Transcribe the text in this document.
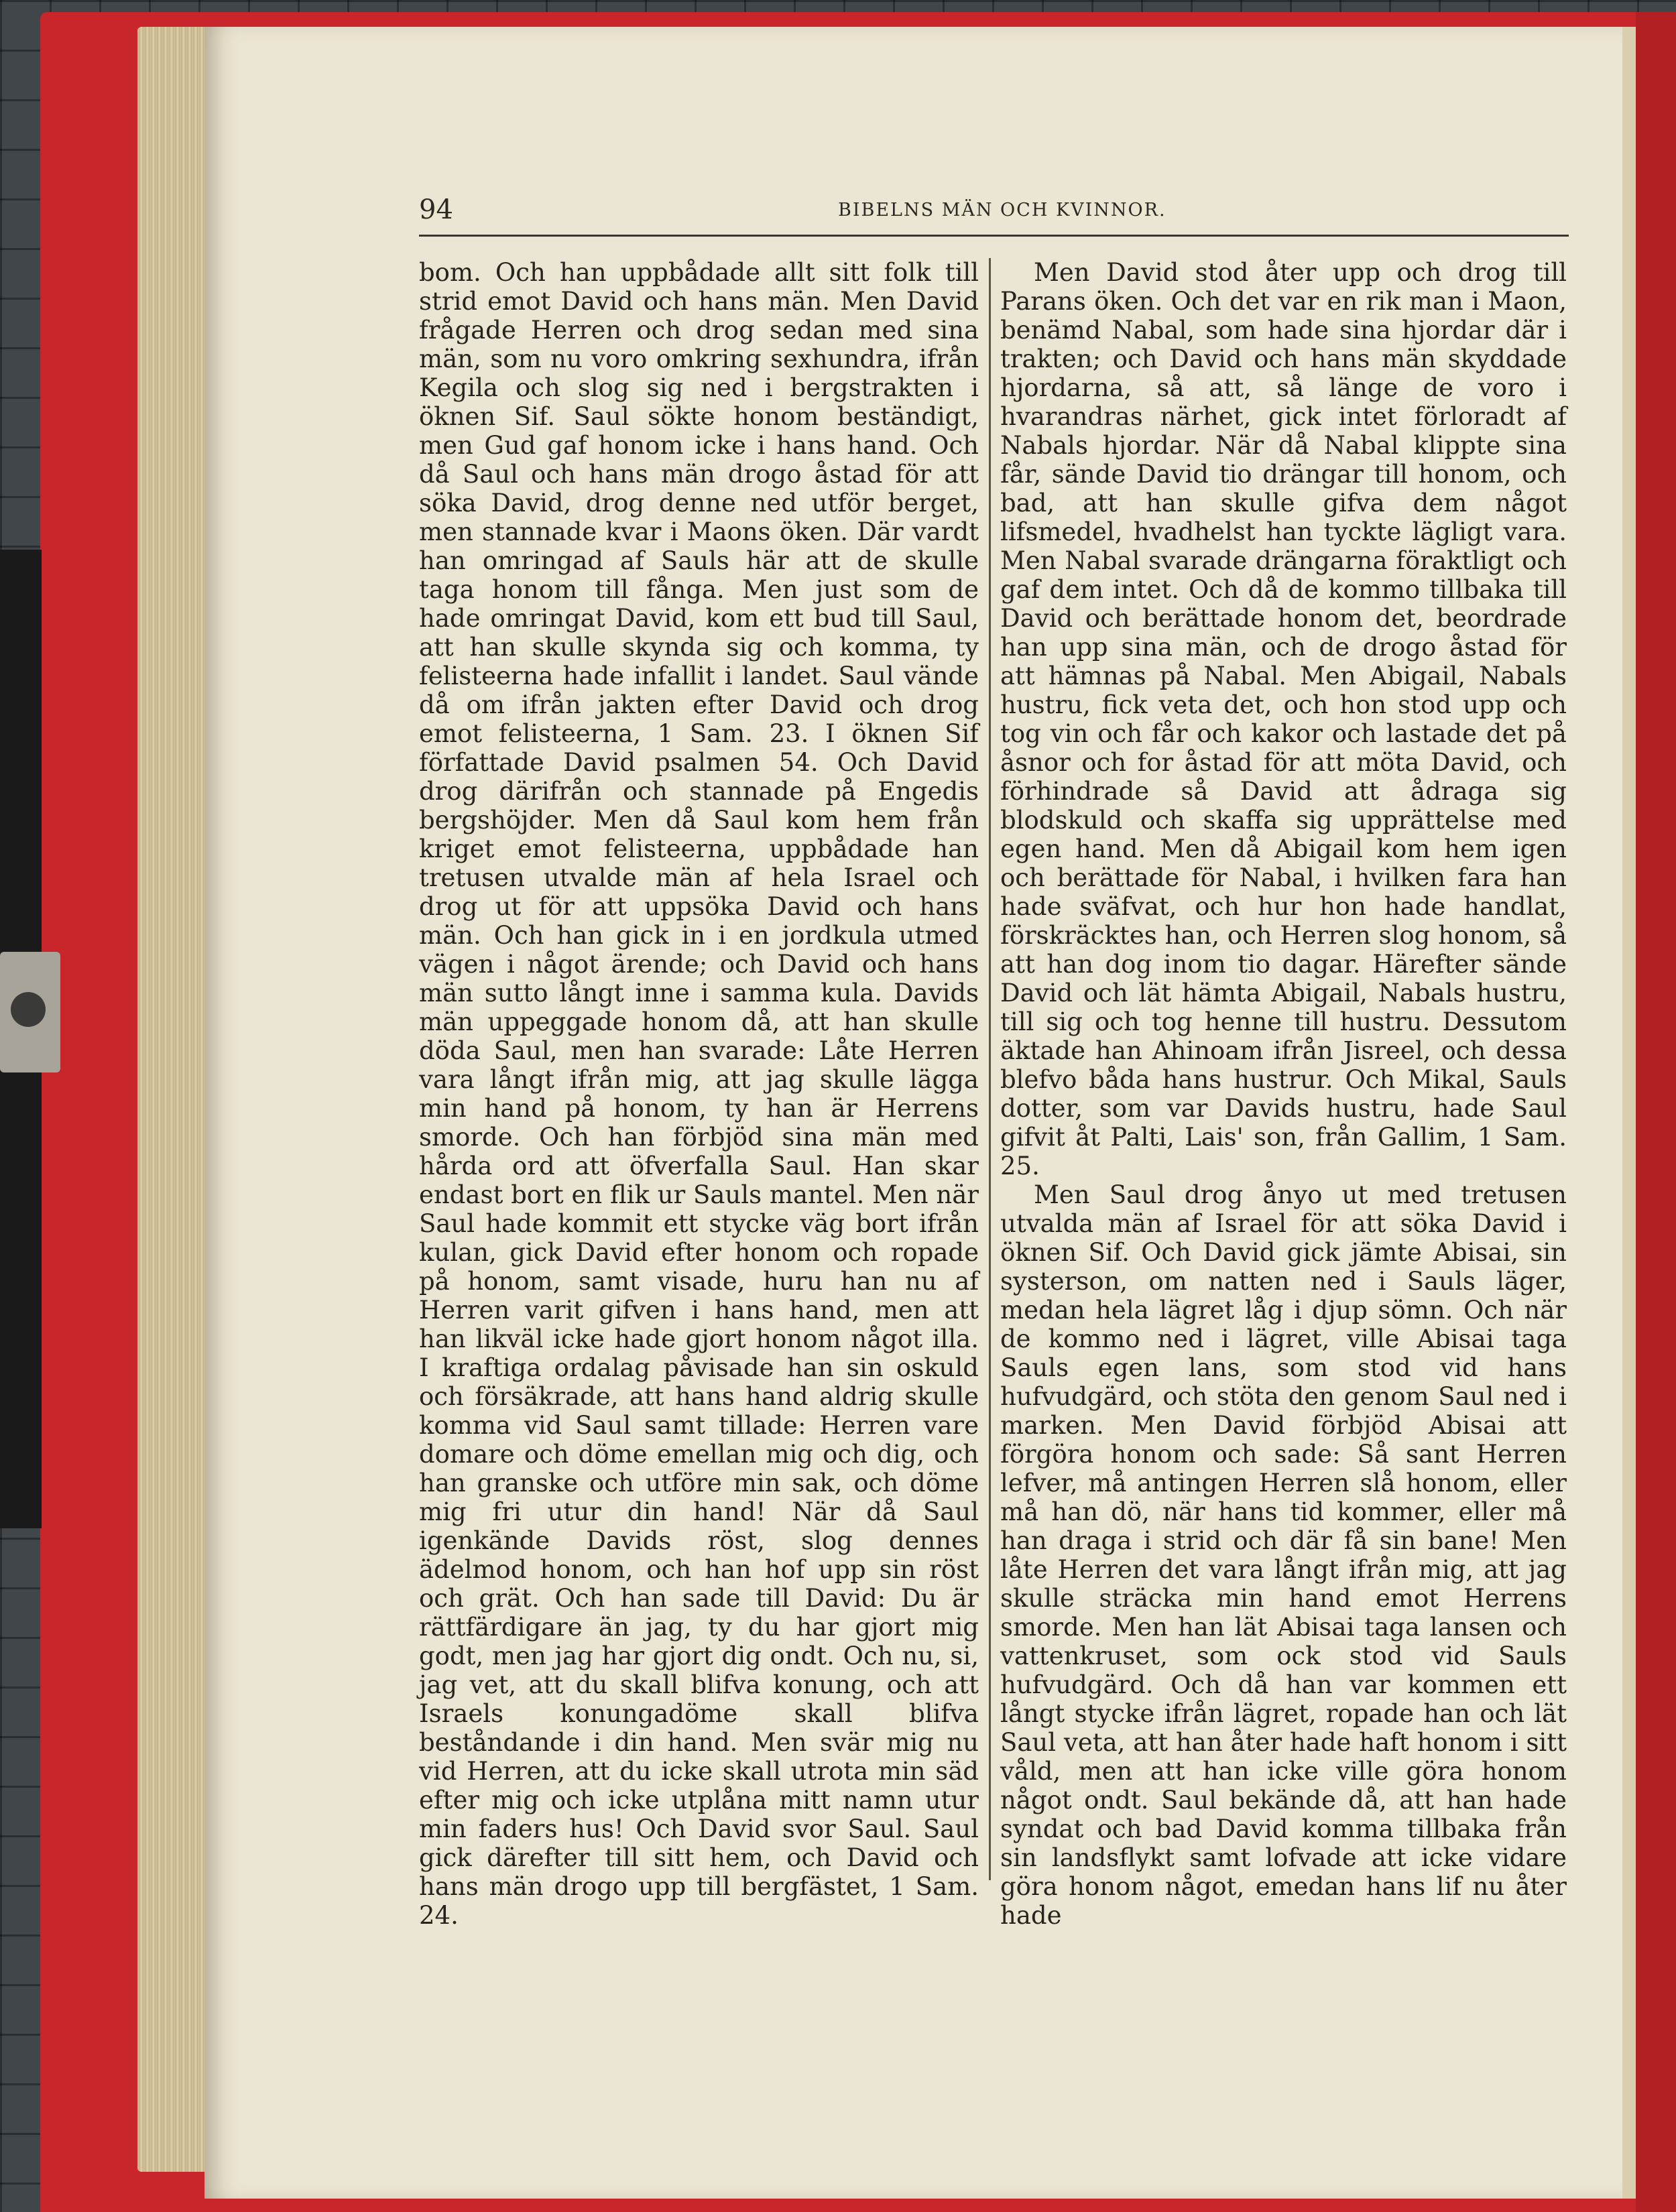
94	BIBELNS MÄN OCH KVINNOR.

bom. Och han uppbådade allt sitt folk till strid emot David och hans män. Men David frågade Herren och drog sedan med sina män, som nu voro omkring sexhundra, ifrån Kegila och slog sig ned i bergstrakten i öknen Sif. Saul sökte honom beständigt, men Gud gaf honom icke i hans hand. Och då Saul och hans män drogo åstad för att söka David, drog denne ned utför berget, men stannade kvar i Maons öken. Där vardt han omringad af Sauls här att de skulle taga honom till fånga. Men just som de hade omringat David, kom ett bud till Saul, att han skulle skynda sig och komma, ty felisteerna hade infallit i landet. Saul vände då om ifrån jakten efter David och drog emot felisteerna, 1 Sam. 23. I öknen Sif författade David psalmen 54. Och David drog därifrån och stannade på Engedis bergshöjder. Men då Saul kom hem från kriget emot felisteerna, uppbådade han tretusen utvalde män af hela Israel och drog ut för att uppsöka David och hans män. Och han gick in i en jordkula utmed vägen i något ärende; och David och hans män sutto långt inne i samma kula. Davids män uppeggade honom då, att han skulle döda Saul, men han svarade: Låte Herren vara långt ifrån mig, att jag skulle lägga min hand på honom, ty han är Herrens smorde. Och han förbjöd sina män med hårda ord att öfverfalla Saul. Han skar endast bort en flik ur Sauls mantel. Men när Saul hade kommit ett stycke väg bort ifrån kulan, gick David efter honom och ropade på honom, samt visade, huru han nu af Herren varit gifven i hans hand, men att han likväl icke hade gjort honom något illa. I kraftiga ordalag påvisade han sin oskuld och försäkrade, att hans hand aldrig skulle komma vid Saul samt tillade: Herren vare domare och döme emellan mig och dig, och han granske och utföre min sak, och döme mig fri utur din hand! När då Saul igenkände Davids röst, slog dennes ädelmod honom, och han hof upp sin röst och grät. Och han sade till David: Du är rättfärdigare än jag, ty du har gjort mig godt, men jag har gjort dig ondt. Och nu, si, jag vet, att du skall blifva konung, och att Israels konungadöme skall blifva beståndande i din hand. Men svär mig nu vid Herren, att du icke skall utrota min säd efter mig och icke utplåna mitt namn utur min faders hus! Och David svor Saul. Saul gick därefter till sitt hem, och David och hans män drogo upp till bergfästet, 1 Sam. 24.

Men David stod åter upp och drog till Parans öken. Och det var en rik man i Maon, benämd Nabal, som hade sina hjordar där i trakten; och David och hans män skyddade hjordarna, så att, så länge de voro i hvarandras närhet, gick intet förloradt af Nabals hjordar. När då Nabal klippte sina får, sände David tio drängar till honom, och bad, att han skulle gifva dem något lifsmedel, hvadhelst han tyckte lägligt vara. Men Nabal svarade drängarna föraktligt och gaf dem intet. Och då de kommo tillbaka till David och berättade honom det, beordrade han upp sina män, och de drogo åstad för att hämnas på Nabal. Men Abigail, Nabals hustru, fick veta det, och hon stod upp och tog vin och får och kakor och lastade det på åsnor och for åstad för att möta David, och förhindrade så David att ådraga sig blodskuld och skaffa sig upprättelse med egen hand. Men då Abigail kom hem igen och berättade för Nabal, i hvilken fara han hade sväfvat, och hur hon hade handlat, förskräcktes han, och Herren slog honom, så att han dog inom tio dagar. Härefter sände David och lät hämta Abigail, Nabals hustru, till sig och tog henne till hustru. Dessutom äktade han Ahinoam ifrån Jisreel, och dessa blefvo båda hans hustrur. Och Mikal, Sauls dotter, som var Davids hustru, hade Saul gifvit åt Palti, Lais' son, från Gallim, 1 Sam. 25.

Men Saul drog ånyo ut med tretusen utvalda män af Israel för att söka David i öknen Sif. Och David gick jämte Abisai, sin systerson, om natten ned i Sauls läger, medan hela lägret låg i djup sömn. Och när de kommo ned i lägret, ville Abisai taga Sauls egen lans, som stod vid hans hufvudgärd, och stöta den genom Saul ned i marken. Men David förbjöd Abisai att förgöra honom och sade: Så sant Herren lefver, må antingen Herren slå honom, eller må han dö, när hans tid kommer, eller må han draga i strid och där få sin bane! Men låte Herren det vara långt ifrån mig, att jag skulle sträcka min hand emot Herrens smorde. Men han lät Abisai taga lansen och vattenkruset, som ock stod vid Sauls hufvudgärd. Och då han var kommen ett långt stycke ifrån lägret, ropade han och lät Saul veta, att han åter hade haft honom i sitt våld, men att han icke ville göra honom något ondt. Saul bekände då, att han hade syndat och bad David komma tillbaka från sin landsflykt samt lofvade att icke vidare göra honom något, emedan hans lif nu åter hade
